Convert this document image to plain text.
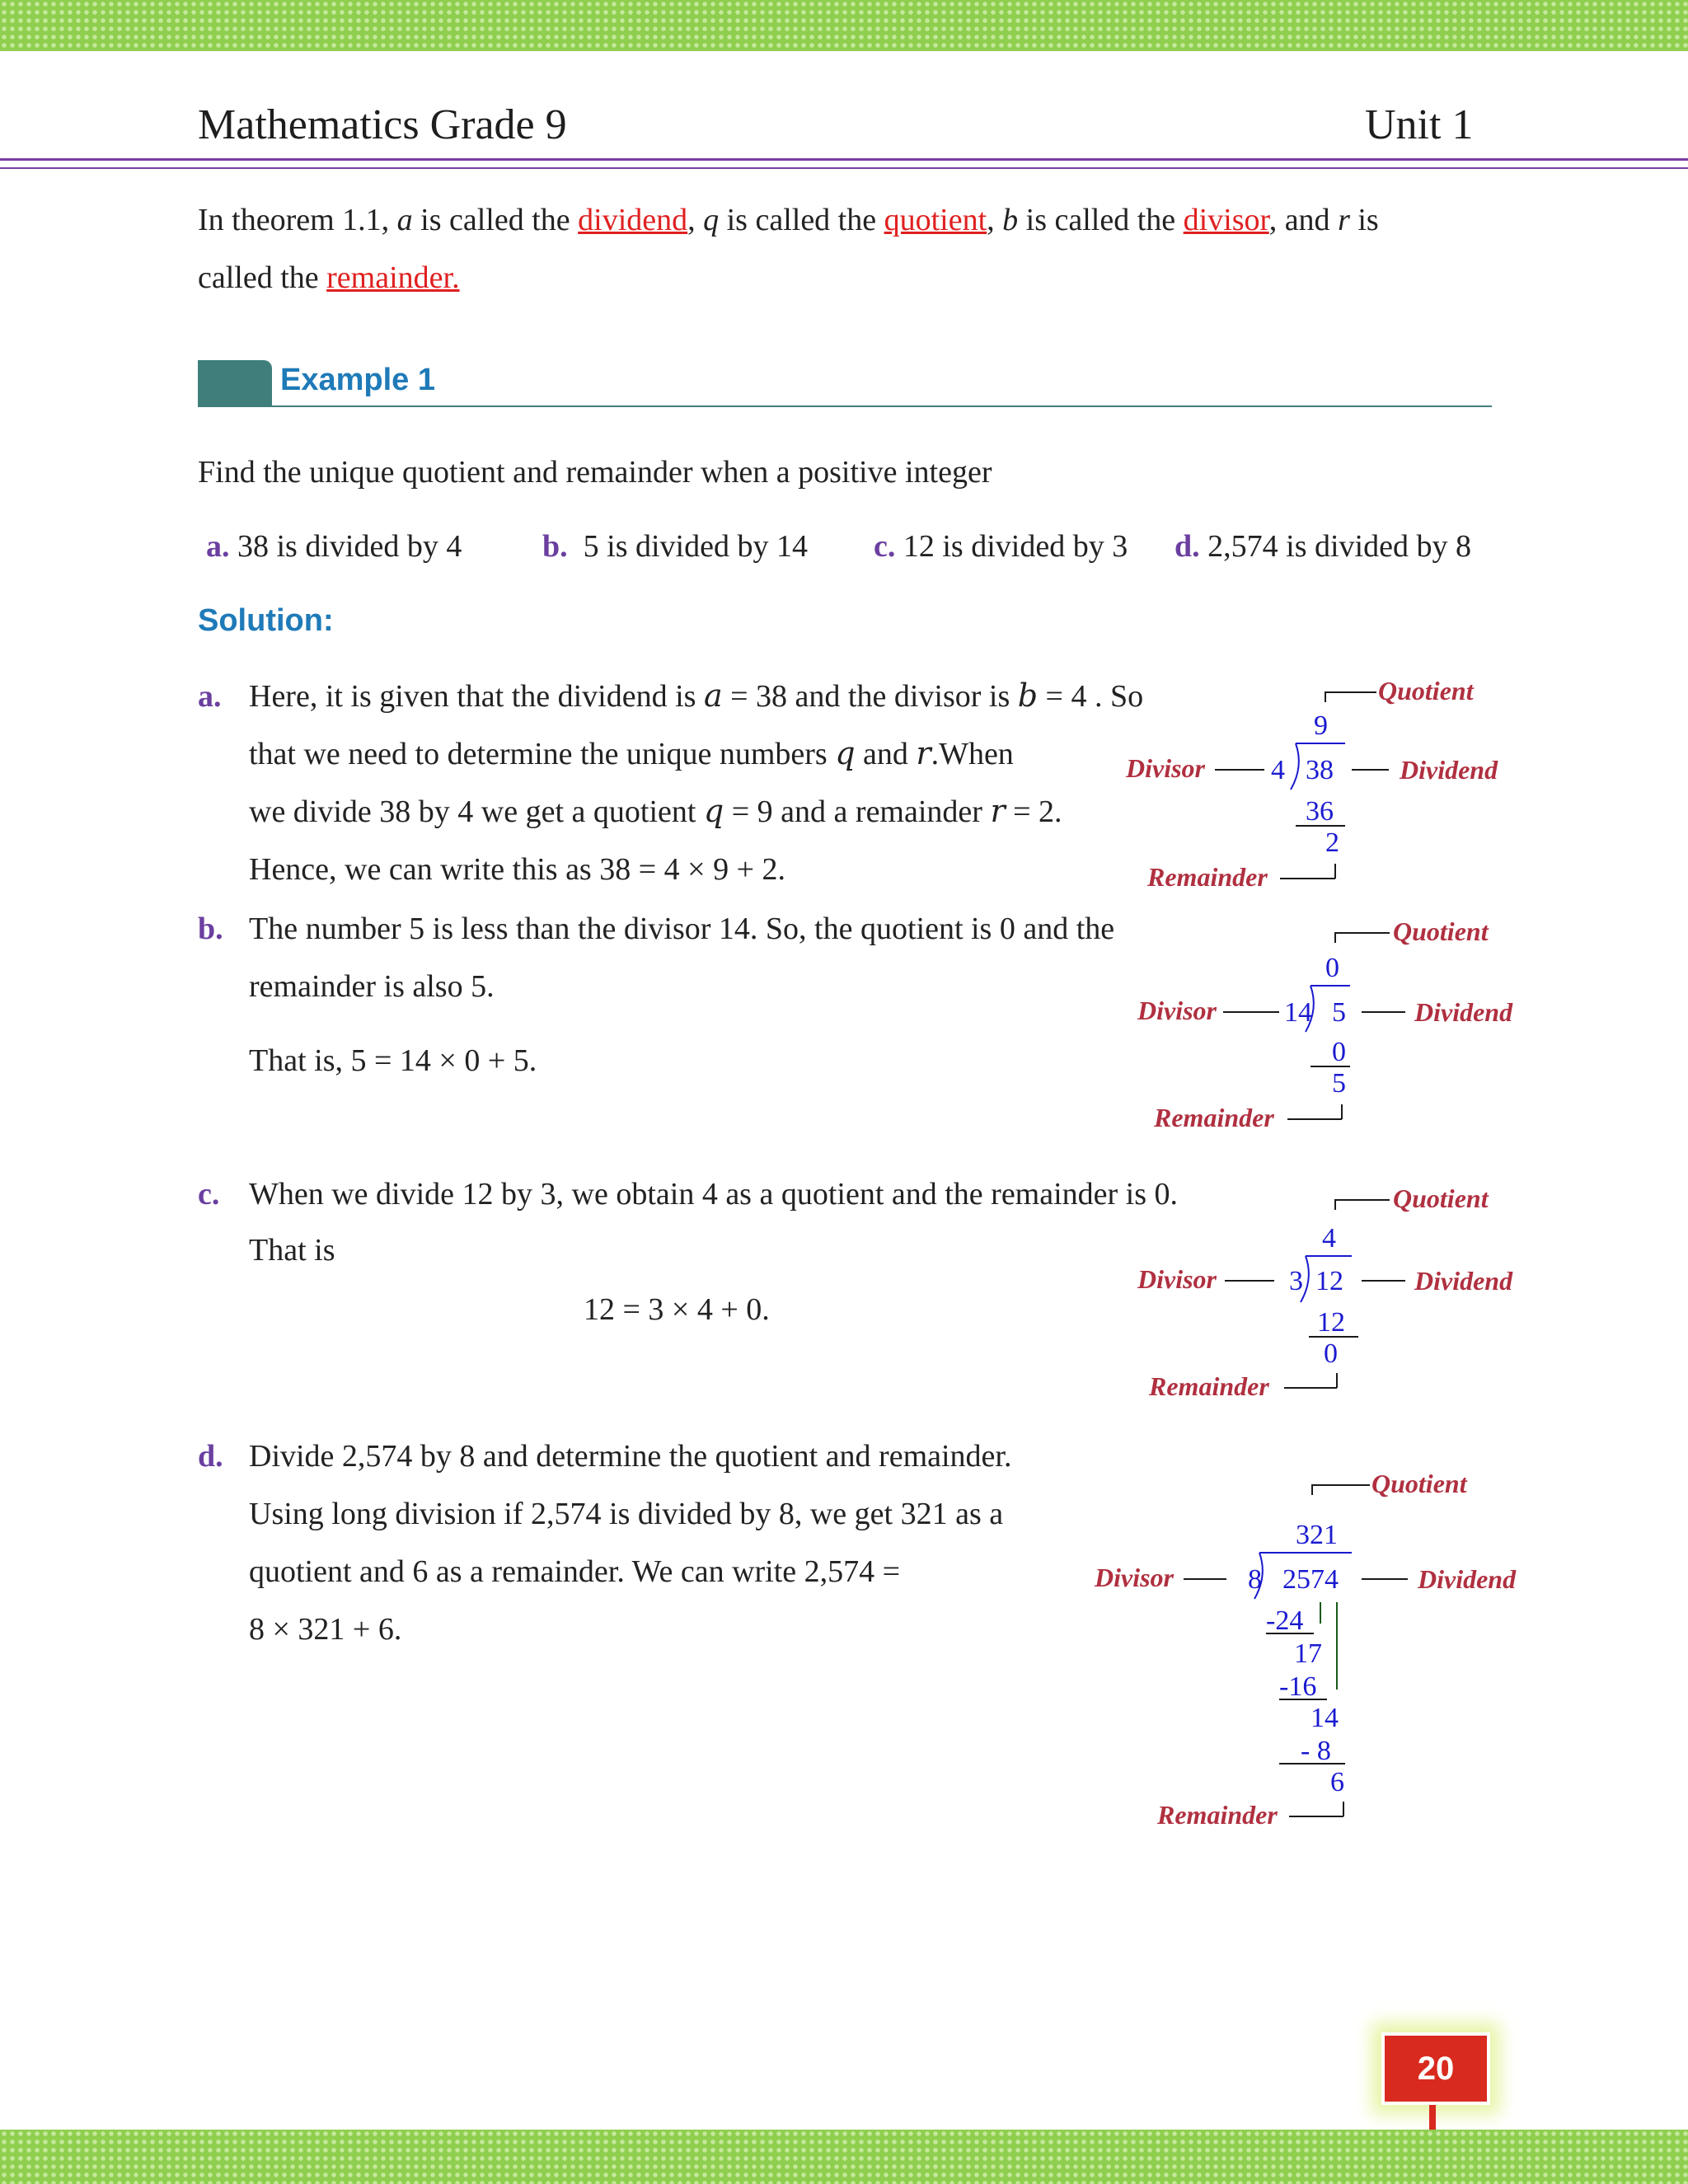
Mathematics Grade 9	Unit 1
In theorem 1.1, a is called the dividend, q is called the quotient, b is called the divisor, and r is
called the remainder.
Example 1
Find the unique quotient and remainder when a positive integer
a. 38 is divided by 4	b. 5 is divided by 14 c. 12 is divided by 3 d. 2,574 is divided by 8
Solution:
a. Here, it is given that the dividend is 𝑎 = 38 and the divisor is 𝑏 = 4 . So
that we need to determine the unique numbers 𝑞 and 𝑟.When
we divide 38 by 4 we get a quotient 𝑞 = 9 and a remainder 𝑟 = 2.
Hence, we can write this as 38 = 4 × 9 + 2.
b. The number 5 is less than the divisor 14. So, the quotient is 0 and the
remainder is also 5.
That is, 5 = 14 × 0 + 5.
c. When we divide 12 by 3, we obtain 4 as a quotient and the remainder is 0.
That is
12 = 3 × 4 + 0.
d. Divide 2,574 by 8 and determine the quotient and remainder.
Using long division if 2,574 is divided by 8, we get 321 as a
quotient and 6 as a remainder. We can write 2,574 =
8 × 321 + 6.
Quotient
Divisor	Dividend
Remainder
9
4 38
36
2
Quotient
Divisor	Dividend
Remainder
0
14 5
0
5
Quotient
Divisor	Dividend
Remainder
4
3 12
12
0
Quotient
Divisor	Dividend
Remainder
321
8 2574
-24
17
-16
14
- 8
6
20
